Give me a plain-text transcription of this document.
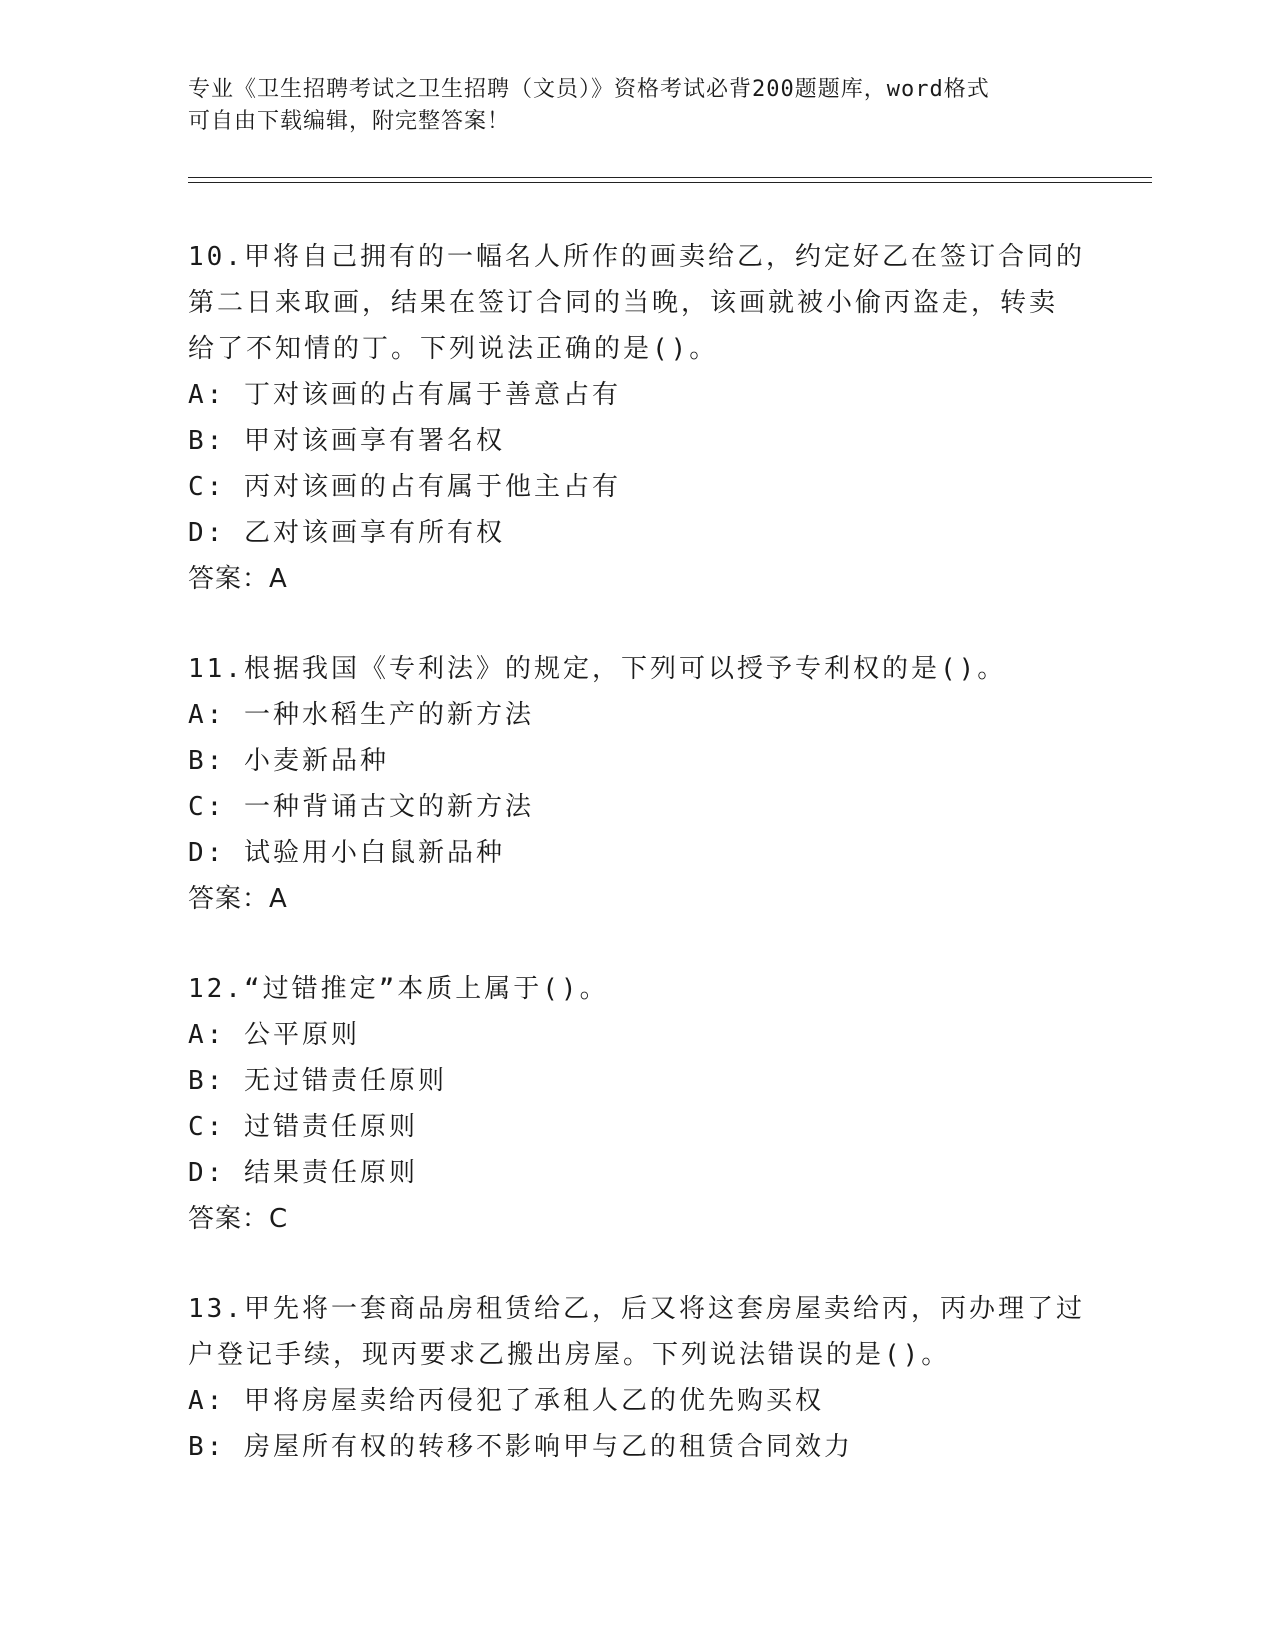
专业《卫生招聘考试之卫生招聘（文员）》资格考试必背200题题库，word格式
可自由下载编辑，附完整答案！
10.甲将自己拥有的一幅名人所作的画卖给乙，约定好乙在签订合同的
第二日来取画，结果在签订合同的当晚，该画就被小偷丙盗走，转卖
给了不知情的丁。下列说法正确的是()。
A: 丁对该画的占有属于善意占有
B: 甲对该画享有署名权
C: 丙对该画的占有属于他主占有
D: 乙对该画享有所有权
答案：A
11.根据我国《专利法》的规定，下列可以授予专利权的是()。
A: 一种水稻生产的新方法
B: 小麦新品种
C: 一种背诵古文的新方法
D: 试验用小白鼠新品种
答案：A
12.“过错推定”本质上属于()。
A: 公平原则
B: 无过错责任原则
C: 过错责任原则
D: 结果责任原则
答案：C
13.甲先将一套商品房租赁给乙，后又将这套房屋卖给丙，丙办理了过
户登记手续，现丙要求乙搬出房屋。下列说法错误的是()。
A: 甲将房屋卖给丙侵犯了承租人乙的优先购买权
B: 房屋所有权的转移不影响甲与乙的租赁合同效力
